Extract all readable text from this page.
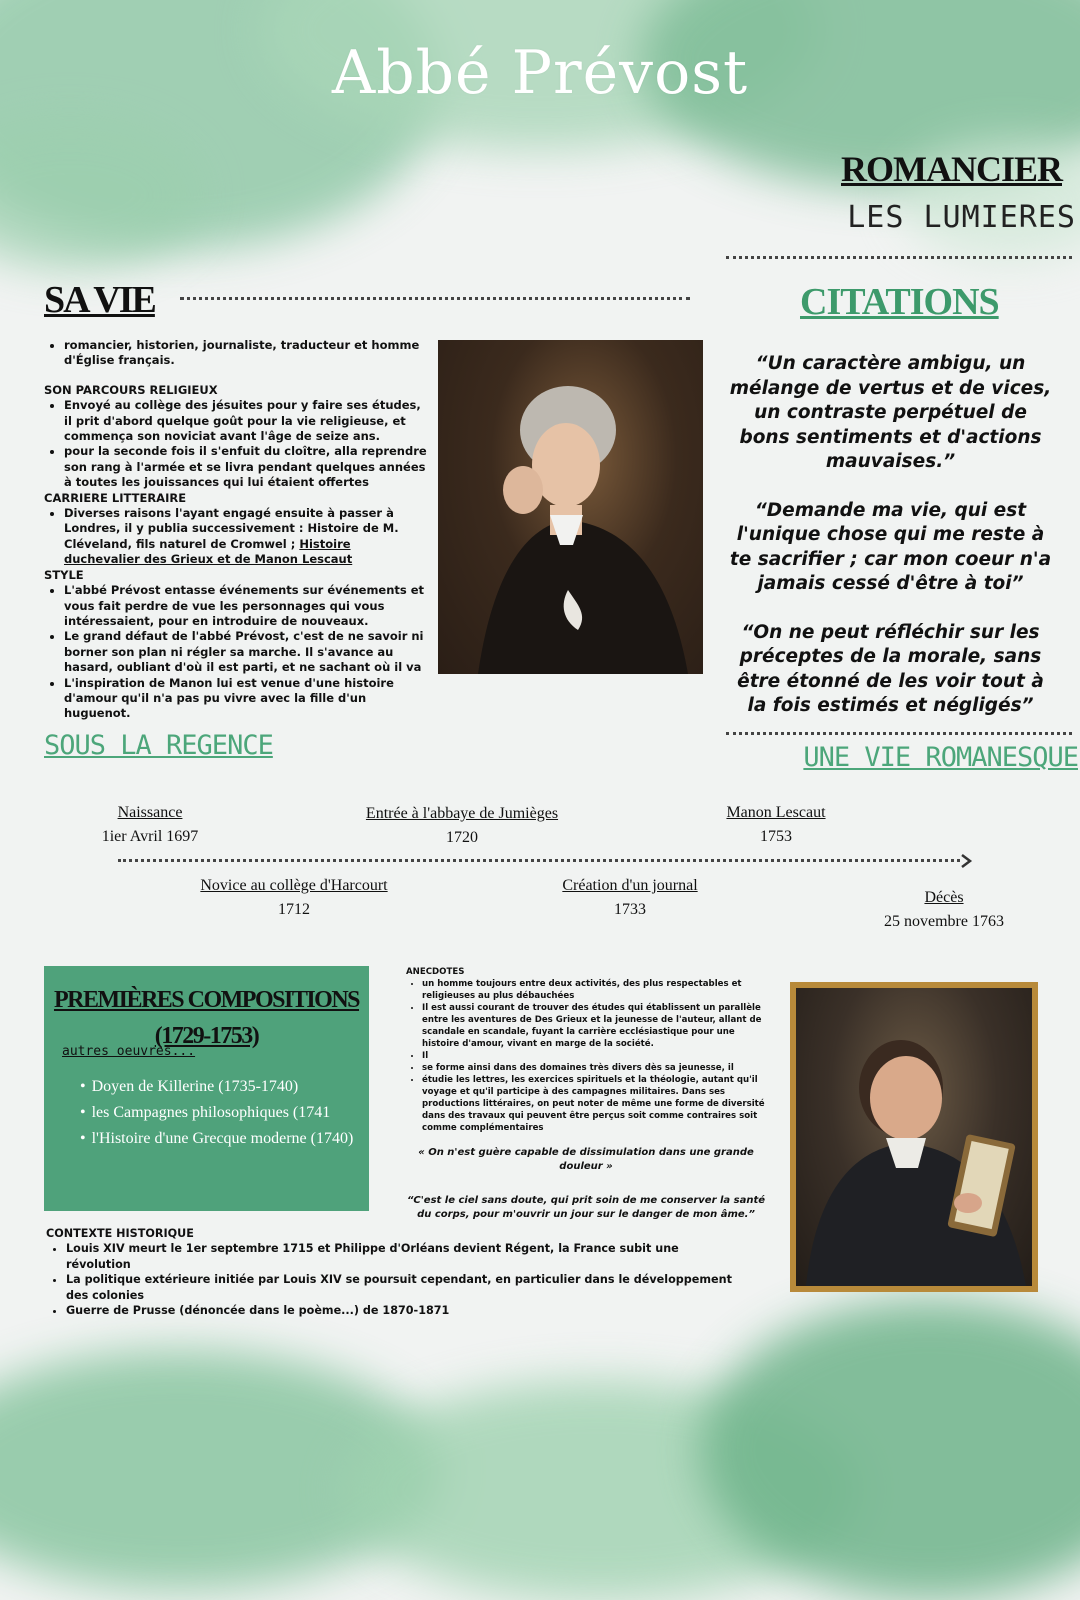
Abbé Prévost
ROMANCIER
LES LUMIERES
SA VIE	CITATIONS
• romancier, historien, journaliste, traducteur et homme d'Église français.
SON PARCOURS RELIGIEUX
• Envoyé au collège des jésuites pour y faire ses études, il prit d'abord quelque goût pour la vie religieuse, et commença son noviciat avant l'âge de seize ans.
• pour la seconde fois il s'enfuit du cloître, alla reprendre son rang à l'armée et se livra pendant quelques années à toutes les jouissances qui lui étaient offertes
CARRIERE LITTERAIRE
• Diverses raisons l'ayant engagé ensuite à passer à Londres, il y publia successivement : Histoire de M. Cléveland, fils naturel de Cromwel ; Histoire duchevalier des Grieux et de Manon Lescaut
STYLE
• L'abbé Prévost entasse événements sur événements et vous fait perdre de vue les personnages qui vous intéressaient, pour en introduire de nouveaux.
• Le grand défaut de l'abbé Prévost, c'est de ne savoir ni borner son plan ni régler sa marche. Il s'avance au hasard, oubliant d'où il est parti, et ne sachant où il va
• L'inspiration de Manon lui est venue d'une histoire d'amour qu'il n'a pas pu vivre avec la fille d'un huguenot.

“Un caractère ambigu, un mélange de vertus et de vices, un contraste perpétuel de bons sentiments et d'actions mauvaises.”

“Demande ma vie, qui est l'unique chose qui me reste à te sacrifier ; car mon coeur n'a jamais cessé d'être à toi”

“On ne peut réfléchir sur les préceptes de la morale, sans être étonné de les voir tout à la fois estimés et négligés”

SOUS LA REGENCE	UNE VIE ROMANESQUE
Naissance
1ier Avril 1697
Entrée à l'abbaye de Jumièges
1720
Manon Lescaut
1753
Novice au collège d'Harcourt
1712
Création d'un journal
1733
Décès
25 novembre 1763
PREMIÈRES COMPOSITIONS
(1729-1753)
autres oeuvres...
• Doyen de Killerine (1735-1740)
• les Campagnes philosophiques (1741
• l'Histoire d'une Grecque moderne (1740)
ANECDOTES
• un homme toujours entre deux activités, des plus respectables et religieuses au plus débauchées
• Il est aussi courant de trouver des études qui établissent un parallèle entre les aventures de Des Grieux et la jeunesse de l'auteur, allant de scandale en scandale, fuyant la carrière ecclésiastique pour une histoire d'amour, vivant en marge de la société.
• Il
• se forme ainsi dans des domaines très divers dès sa jeunesse, il
• étudie les lettres, les exercices spirituels et la théologie, autant qu'il voyage et qu'il participe à des campagnes militaires. Dans ses productions littéraires, on peut noter de même une forme de diversité dans des travaux qui peuvent être perçus soit comme contraires soit comme complémentaires
« On n'est guère capable de dissimulation dans une grande douleur »
“C'est le ciel sans doute, qui prit soin de me conserver la santé du corps, pour m'ouvrir un jour sur le danger de mon âme.”
CONTEXTE HISTORIQUE
• Louis XIV meurt le 1er septembre 1715 et Philippe d'Orléans devient Régent, la France subit une révolution
• La politique extérieure initiée par Louis XIV se poursuit cependant, en particulier dans le développement des colonies
• Guerre de Prusse (dénoncée dans le poème...) de 1870-1871
